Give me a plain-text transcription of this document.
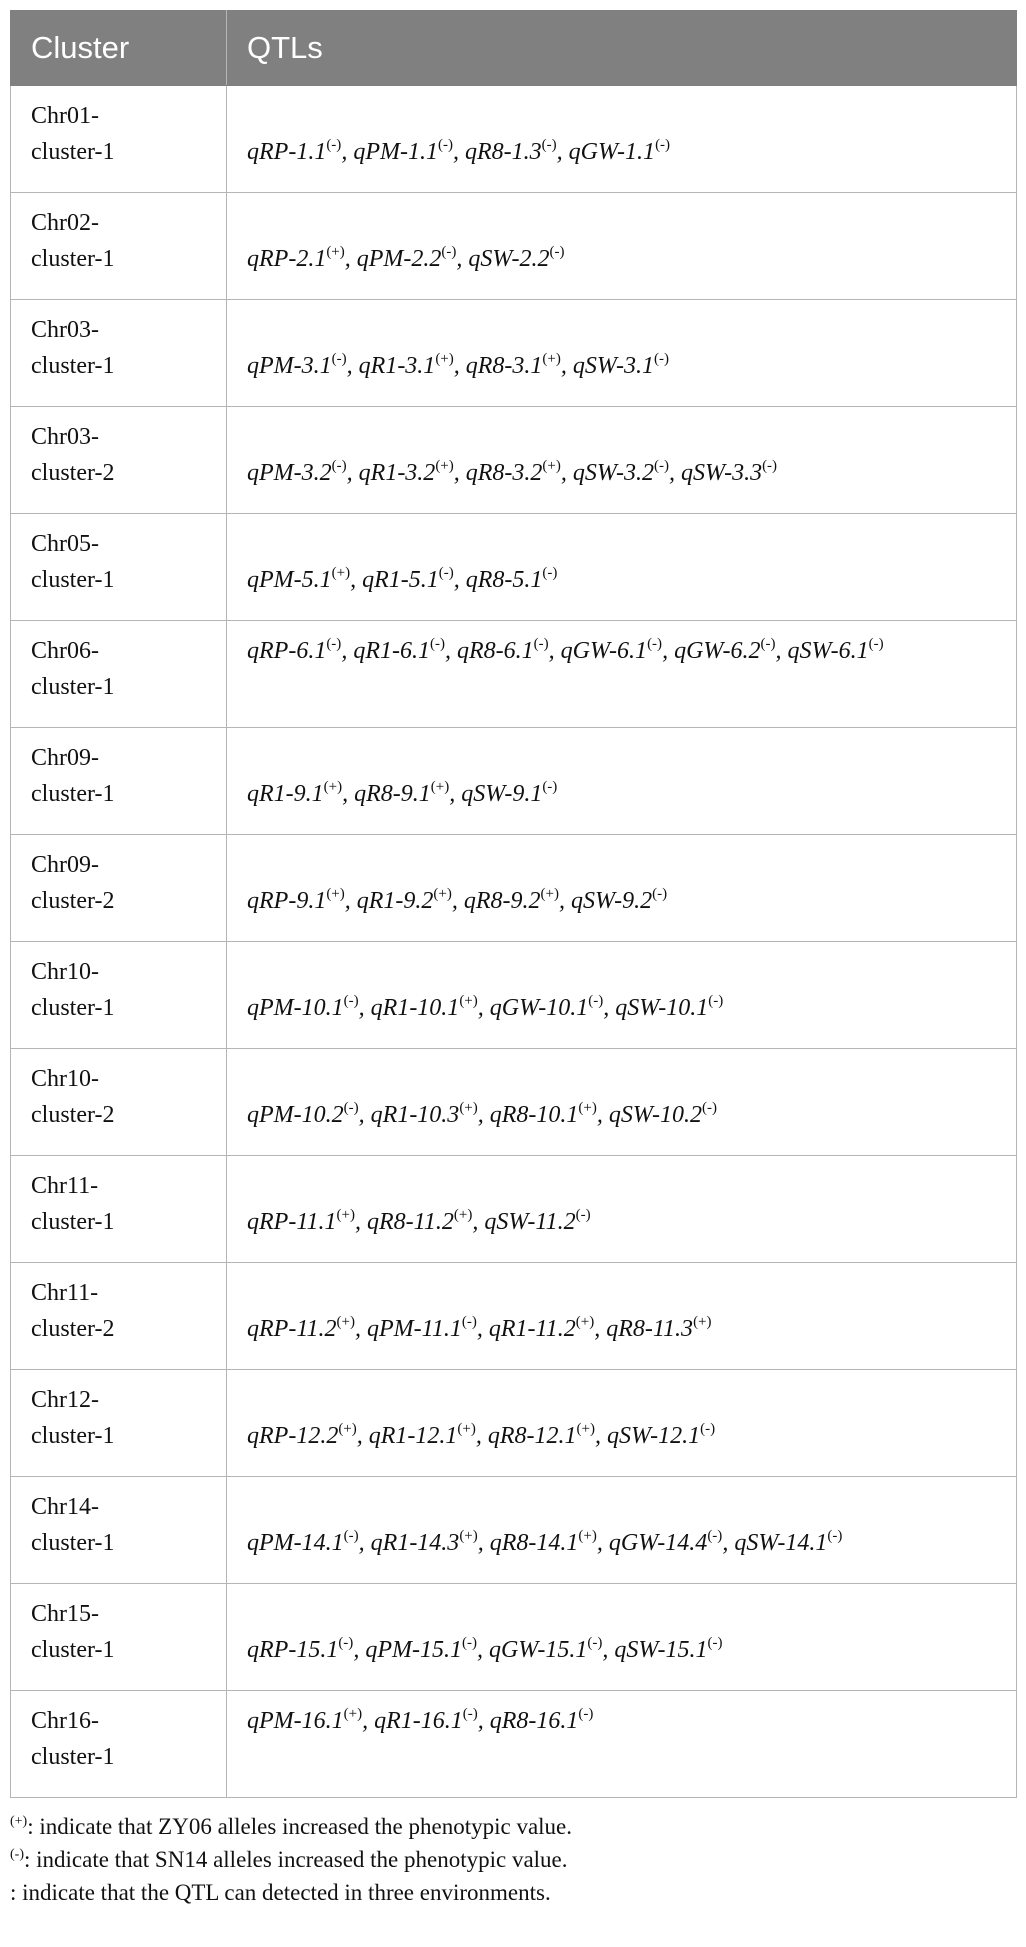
Cluster	QTLs

Chr01-
cluster-1	qRP-1.1(-), qPM-1.1(-), qR8-1.3(-), qGW-1.1(-)

Chr02-
cluster-1	qRP-2.1(+), qPM-2.2(-), qSW-2.2(-)

Chr03-
cluster-1	qPM-3.1(-), qR1-3.1(+), qR8-3.1(+), qSW-3.1(-)

Chr03-
cluster-2	qPM-3.2(-), qR1-3.2(+), qR8-3.2(+), qSW-3.2(-), qSW-3.3(-)

Chr05-
cluster-1	qPM-5.1(+), qR1-5.1(-), qR8-5.1(-)

Chr06-
cluster-1	qRP-6.1(-), qR1-6.1(-), qR8-6.1(-), qGW-6.1(-), qGW-6.2(-), qSW-6.1(-)

Chr09-
cluster-1	qR1-9.1(+), qR8-9.1(+), qSW-9.1(-)

Chr09-
cluster-2	qRP-9.1(+), qR1-9.2(+), qR8-9.2(+), qSW-9.2(-)

Chr10-
cluster-1	qPM-10.1(-), qR1-10.1(+), qGW-10.1(-), qSW-10.1(-)

Chr10-
cluster-2	qPM-10.2(-), qR1-10.3(+), qR8-10.1(+), qSW-10.2(-)

Chr11-
cluster-1	qRP-11.1(+), qR8-11.2(+), qSW-11.2(-)

Chr11-
cluster-2	qRP-11.2(+), qPM-11.1(-), qR1-11.2(+), qR8-11.3(+)

Chr12-
cluster-1	qRP-12.2(+), qR1-12.1(+), qR8-12.1(+), qSW-12.1(-)

Chr14-
cluster-1	qPM-14.1(-), qR1-14.3(+), qR8-14.1(+), qGW-14.4(-), qSW-14.1(-)

Chr15-
cluster-1	qRP-15.1(-), qPM-15.1(-), qGW-15.1(-), qSW-15.1(-)

Chr16-
cluster-1	qPM-16.1(+), qR1-16.1(-), qR8-16.1(-)
(+): indicate that ZY06 alleles increased the phenotypic value.
(-): indicate that SN14 alleles increased the phenotypic value.
: indicate that the QTL can detected in three environments.
